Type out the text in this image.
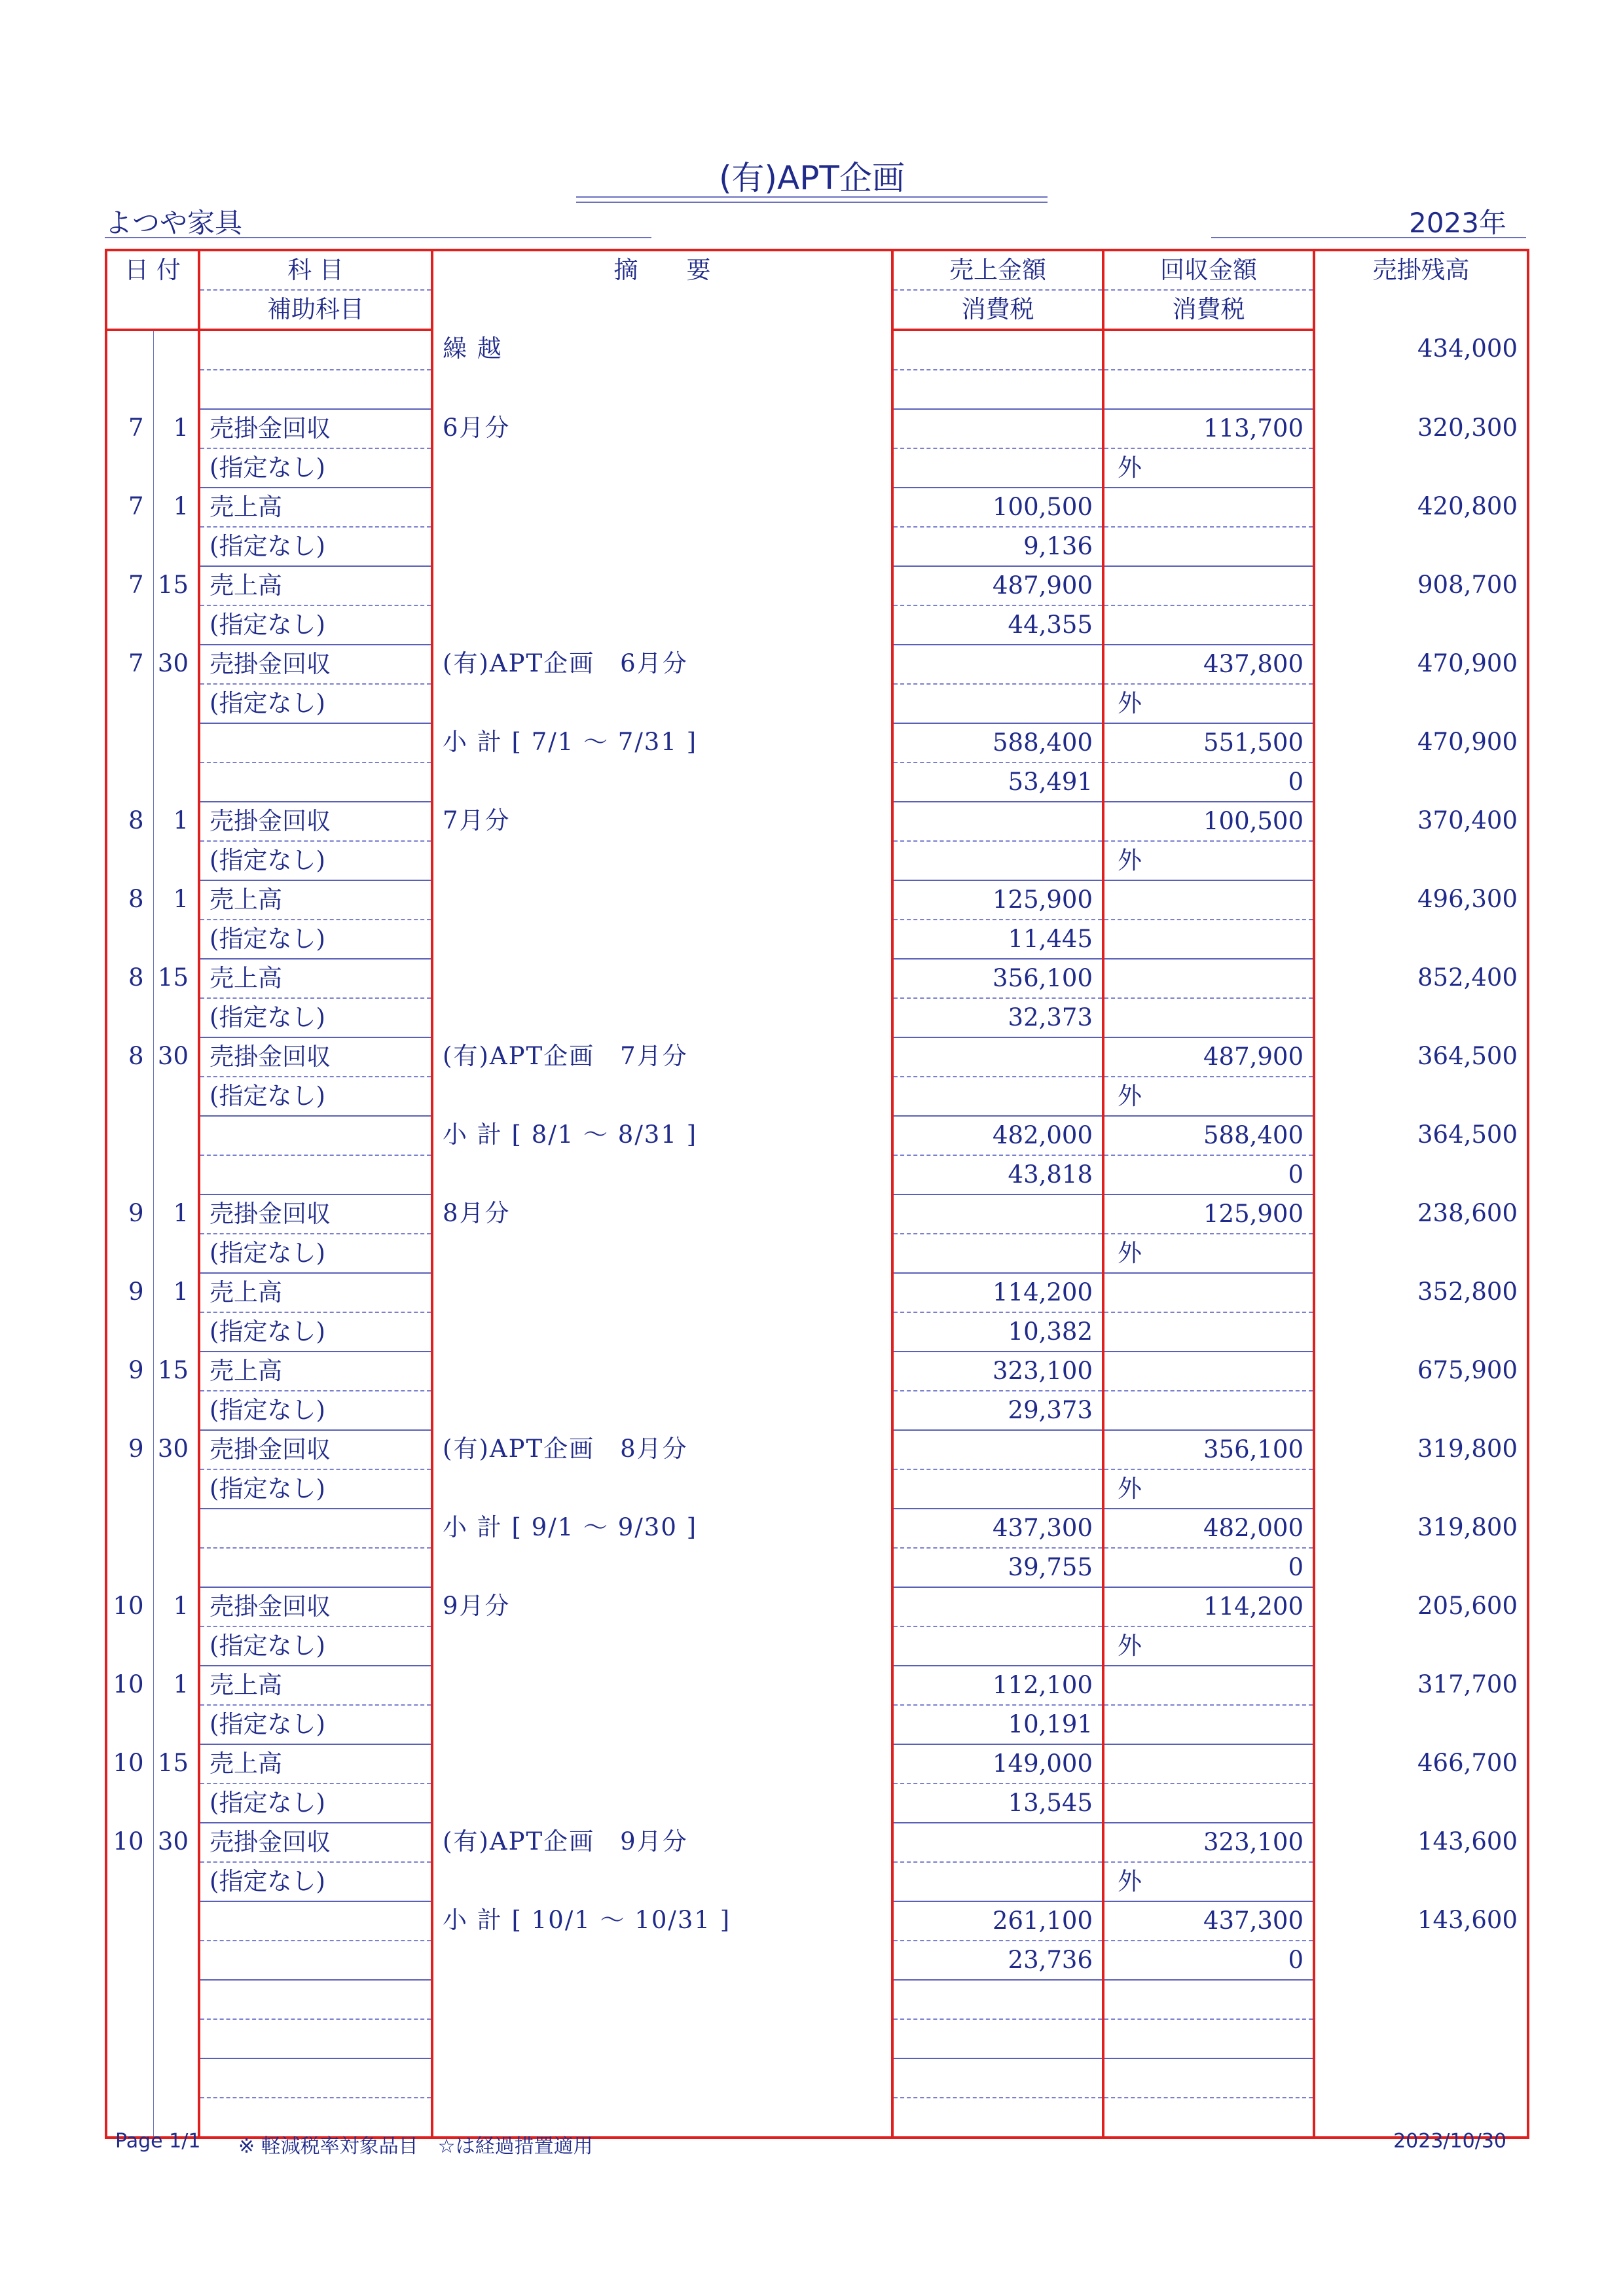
(有)APT企画
よつや家具	2023年
日 付		科 目	摘　　要	売上金額	回収金額	売掛残高
		補助科目		消費税	消費税	
			繰 越			434,000

7	1	売掛金回収	6月分		113,700	320,300
		(指定なし)			外	
7	1	売上高		100,500		420,800
		(指定なし)		9,136		
7	15	売上高		487,900		908,700
		(指定なし)		44,355		
7	30	売掛金回収	(有)APT企画　6月分		437,800	470,900
		(指定なし)			外	
			小 計 [ 7/1 ～ 7/31 ]	588,400	551,500	470,900
				53,491	0	
8	1	売掛金回収	7月分		100,500	370,400
		(指定なし)			外	
8	1	売上高		125,900		496,300
		(指定なし)		11,445		
8	15	売上高		356,100		852,400
		(指定なし)		32,373		
8	30	売掛金回収	(有)APT企画　7月分		487,900	364,500
		(指定なし)			外	
			小 計 [ 8/1 ～ 8/31 ]	482,000	588,400	364,500
				43,818	0	
9	1	売掛金回収	8月分		125,900	238,600
		(指定なし)			外	
9	1	売上高		114,200		352,800
		(指定なし)		10,382		
9	15	売上高		323,100		675,900
		(指定なし)		29,373		
9	30	売掛金回収	(有)APT企画　8月分		356,100	319,800
		(指定なし)			外	
			小 計 [ 9/1 ～ 9/30 ]	437,300	482,000	319,800
				39,755	0	
10	1	売掛金回収	9月分		114,200	205,600
		(指定なし)			外	
10	1	売上高		112,100		317,700
		(指定なし)		10,191		
10	15	売上高		149,000		466,700
		(指定なし)		13,545		
10	30	売掛金回収	(有)APT企画　9月分		323,100	143,600
		(指定なし)			外	
			小 計 [ 10/1 ～ 10/31 ]	261,100	437,300	143,600
				23,736	0	

Page 1/1 ※ 軽減税率対象品目　☆は経過措置適用	2023/10/30
